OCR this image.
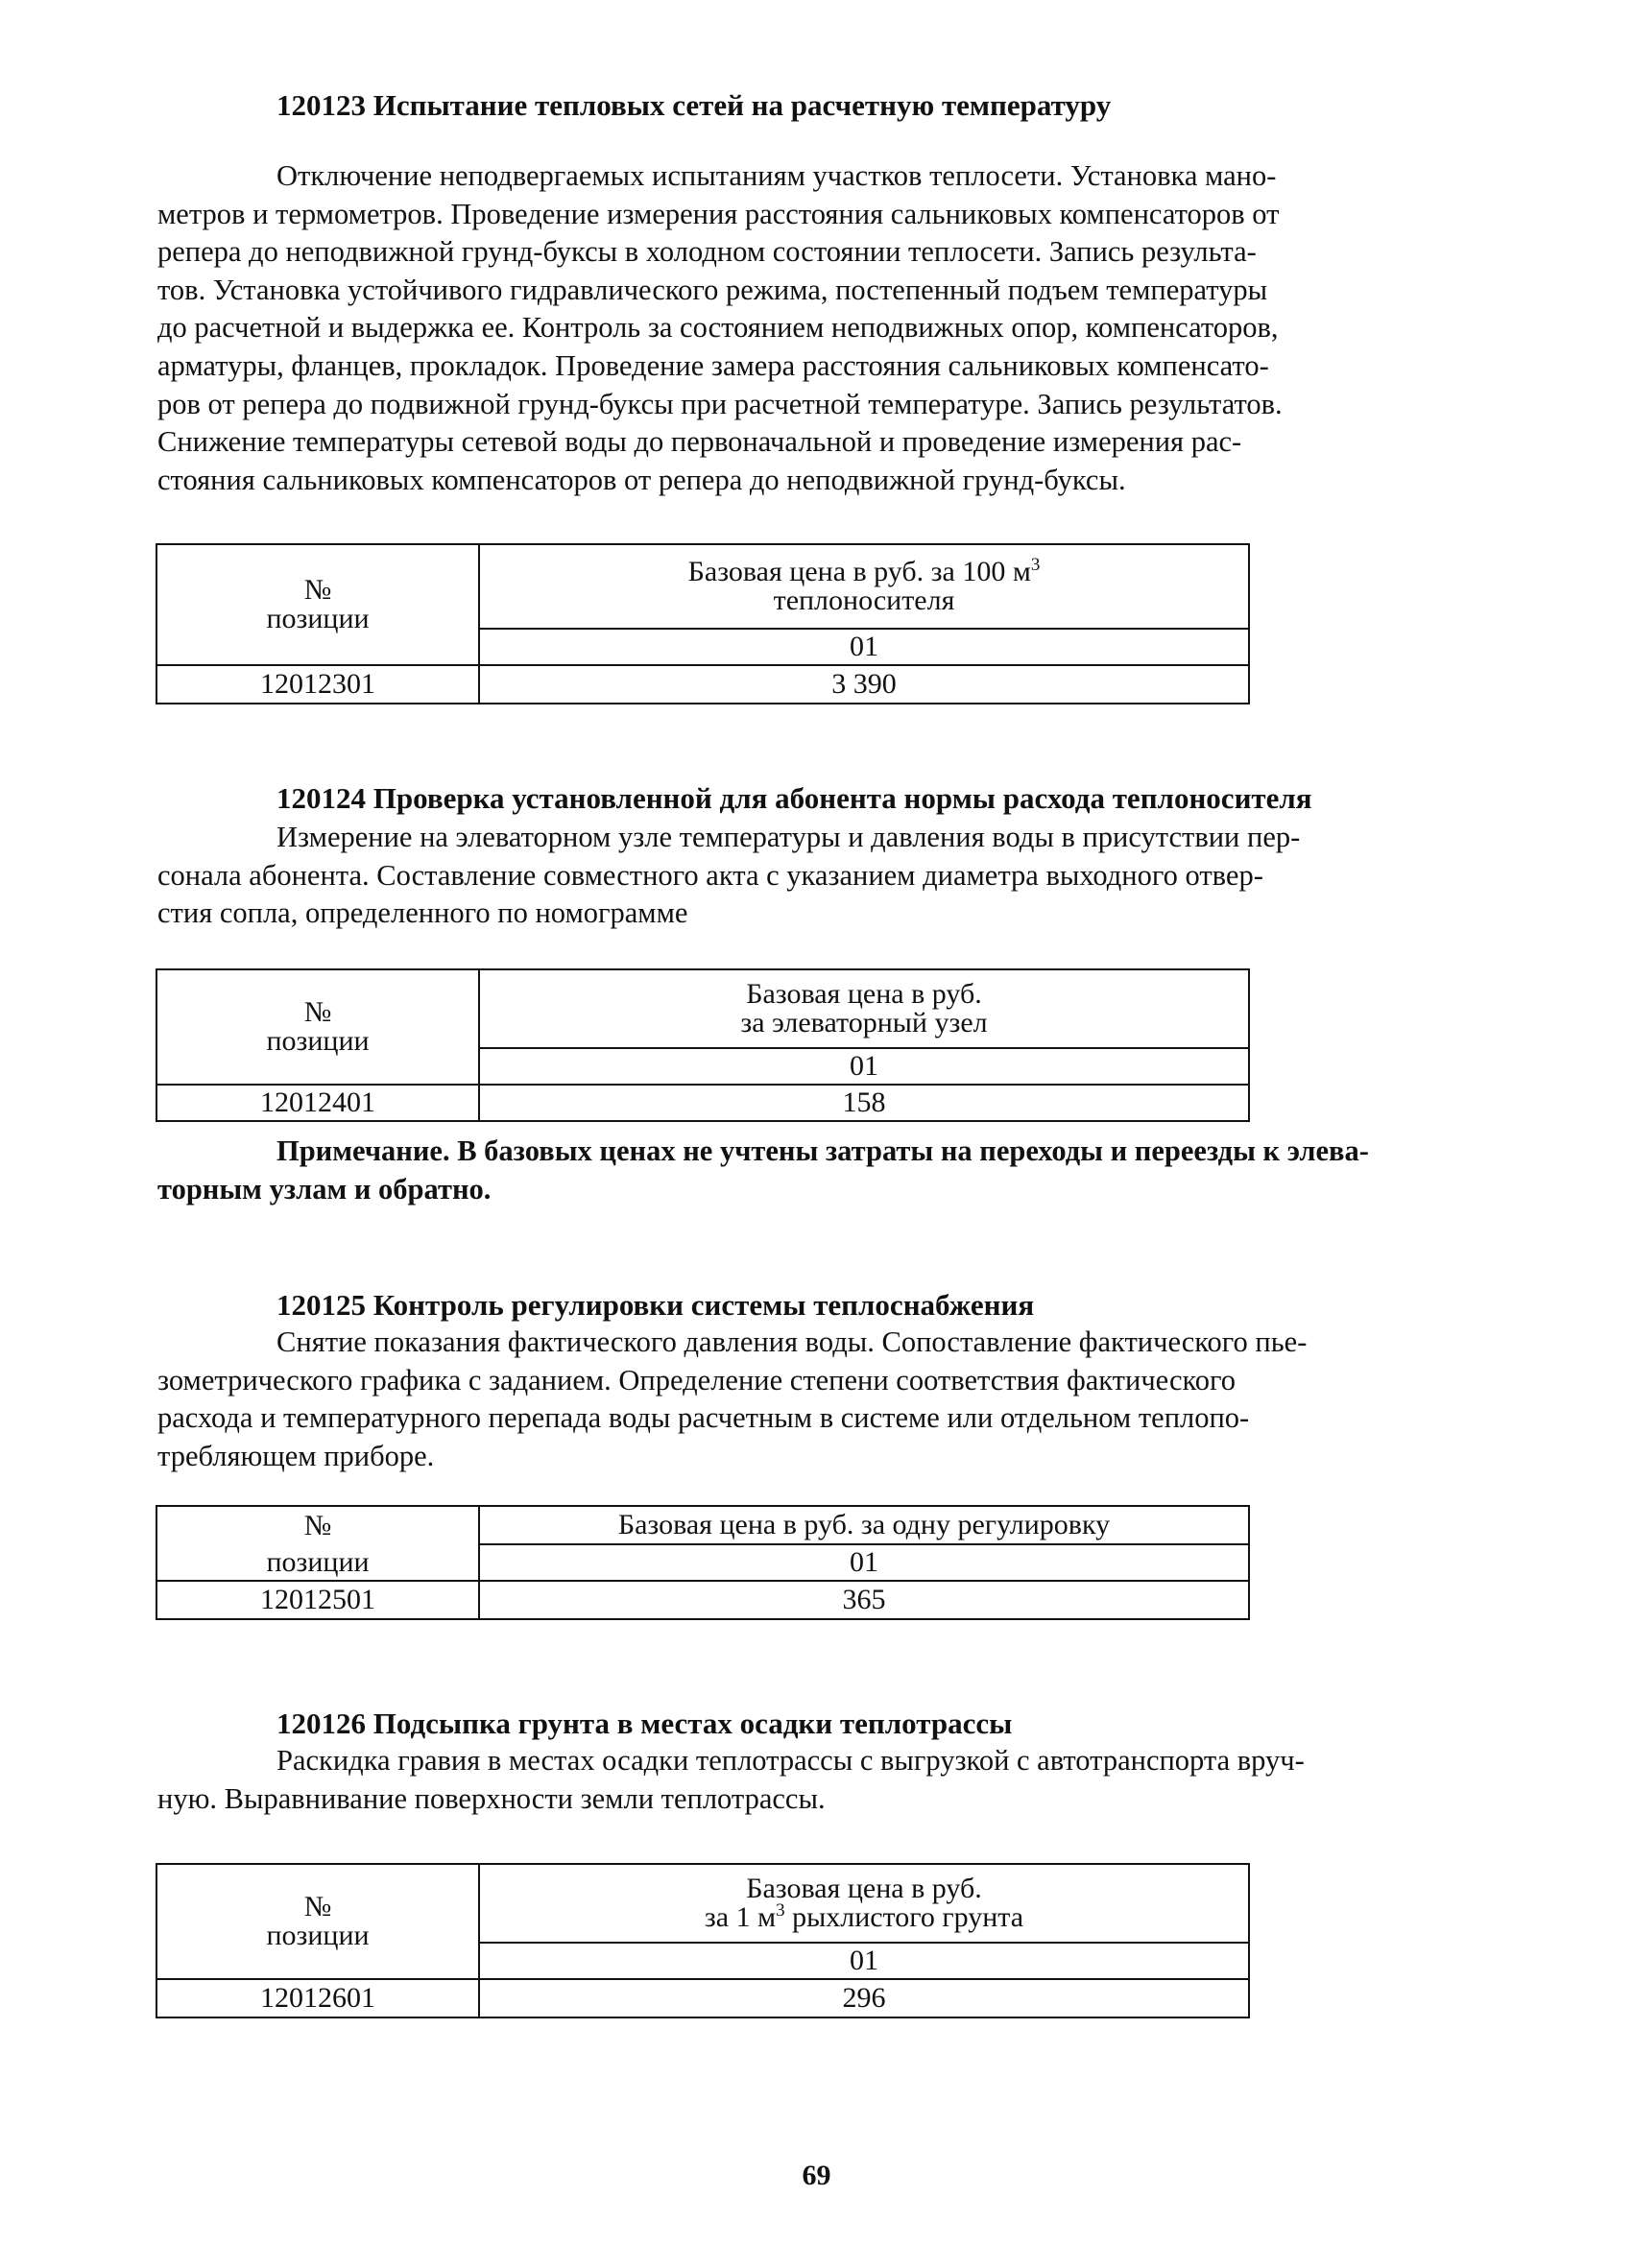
120123 Испытание тепловых сетей на расчетную температуру

Отключение неподвергаемых испытаниям участков теплосети. Установка мано-
метров и термометров. Проведение измерения расстояния сальниковых компенсаторов от
репера до неподвижной грунд-буксы в холодном состоянии теплосети. Запись результа-
тов. Установка устойчивого гидравлического режима, постепенный подъем температуры
до расчетной и выдержка ее. Контроль за состоянием неподвижных опор, компенсаторов,
арматуры, фланцев, прокладок. Проведение замера расстояния сальниковых компенсато-
ров от репера до подвижной грунд-буксы при расчетной температуре. Запись результатов.
Снижение температуры сетевой воды до первоначальной и проведение измерения рас-
стояния сальниковых компенсаторов от репера до неподвижной грунд-буксы.

№
позиции	Базовая цена в руб. за 100 $м^3$
теплоносителя
	01
12012301	3 390
120124 Проверка установленной для абонента нормы расхода теплоносителя

Измерение на элеваторном узле температуры и давления воды в присутствии пер-
сонала абонента. Составление совместного акта с указанием диаметра выходного отвер-
стия сопла, определенного по номограмме

№
позиции	Базовая цена в руб.
за элеваторный узел
	01
12012401	158

Примечание. В базовых ценах не учтены затраты на переходы и переезды к элева-
торным узлам и обратно.

120125 Контроль регулировки системы теплоснабжения

Снятие показания фактического давления воды. Сопоставление фактического пье-
зометрического графика с заданием. Определение степени соответствия фактического
расхода и температурного перепада воды расчетным в системе или отдельном теплопо-
требляющем приборе.

№	Базовая цена в руб. за одну регулировку
позиции	01
12012501	365
120126 Подсыпка грунта в местах осадки теплотрассы

Раскидка гравия в местах осадки теплотрассы с выгрузкой с автотранспорта вруч-
ную. Выравнивание поверхности земли теплотрассы.

№
позиции	Базовая цена в руб.
за 1 $м^3$ рыхлистого грунта
	01
12012601	296
69
